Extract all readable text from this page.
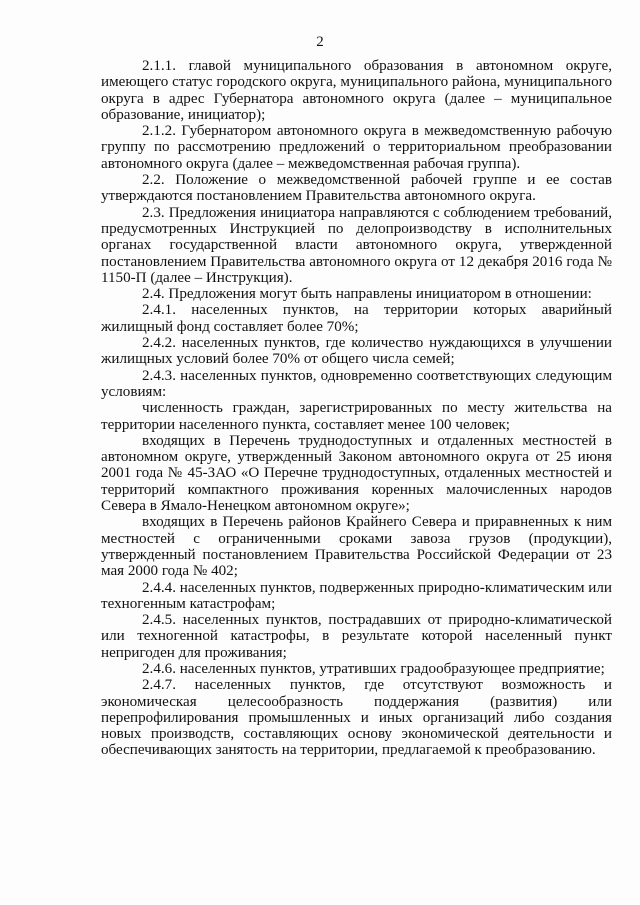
2

2.1.1. главой муниципального образования в автономном округе, имеющего статус городского округа, муниципального района, муниципального округа в адрес Губернатора автономного округа (далее – муниципальное образование, инициатор);

2.1.2. Губернатором автономного округа в межведомственную рабочую группу по рассмотрению предложений о территориальном преобразовании автономного округа (далее – межведомственная рабочая группа).

2.2. Положение о межведомственной рабочей группе и ее состав утверждаются постановлением Правительства автономного округа.

2.3. Предложения инициатора направляются с соблюдением требований, предусмотренных Инструкцией по делопроизводству в исполнительных органах государственной власти автономного округа, утвержденной постановлением Правительства автономного округа от 12 декабря 2016 года № 1150-П (далее – Инструкция).

2.4. Предложения могут быть направлены инициатором в отношении:

2.4.1. населенных пунктов, на территории которых аварийный жилищный фонд составляет более 70%;

2.4.2. населенных пунктов, где количество нуждающихся в улучшении жилищных условий более 70% от общего числа семей;

2.4.3. населенных пунктов, одновременно соответствующих следующим условиям:

численность граждан, зарегистрированных по месту жительства на территории населенного пункта, составляет менее 100 человек;

входящих в Перечень труднодоступных и отдаленных местностей в автономном округе, утвержденный Законом автономного округа от 25 июня 2001 года № 45-ЗАО «О Перечне труднодоступных, отдаленных местностей и территорий компактного проживания коренных малочисленных народов Севера в Ямало-Ненецком автономном округе»;

входящих в Перечень районов Крайнего Севера и приравненных к ним местностей с ограниченными сроками завоза грузов (продукции), утвержденный постановлением Правительства Российской Федерации от 23 мая 2000 года № 402;

2.4.4. населенных пунктов, подверженных природно-климатическим или техногенным катастрофам;

2.4.5. населенных пунктов, пострадавших от природно-климатической или техногенной катастрофы, в результате которой населенный пункт непригоден для проживания;

2.4.6. населенных пунктов, утративших градообразующее предприятие;

2.4.7. населенных пунктов, где отсутствуют возможность и экономическая целесообразность поддержания (развития) или перепрофилирования промышленных и иных организаций либо создания новых производств, составляющих основу экономической деятельности и обеспечивающих занятость на территории, предлагаемой к преобразованию.
